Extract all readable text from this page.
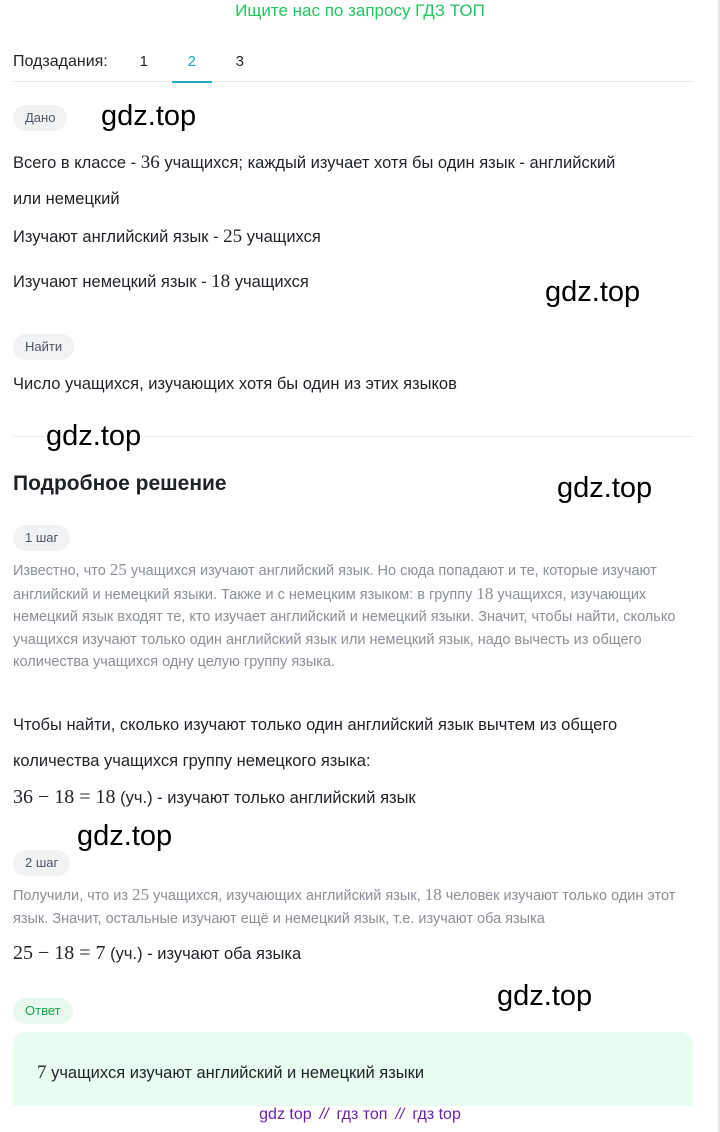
Ищите нас по запросу ГДЗ ТОП
Подзадания:	1	2	3
Дано
Всего в классе - 36 учащихся; каждый изучает хотя бы один язык - английский
или немецкий
Изучают английский язык - 25 учащихся
Изучают немецкий язык - 18 учащихся
Найти
Число учащихся, изучающих хотя бы один из этих языков
Подробное решение
1 шаг
Известно, что 25 учащихся изучают английский язык. Но сюда попадают и те, которые изучают английский и немецкий языки. Также и с немецким языком: в группу 18 учащихся, изучающих немецкий язык входят те, кто изучает английский и немецкий языки. Значит, чтобы найти, сколько учащихся изучают только один английский язык или немецкий язык, надо вычесть из общего количества учащихся одну целую группу языка.
Чтобы найти, сколько изучают только один английский язык вычтем из общего
количества учащихся группу немецкого языка:
36 − 18 = 18 (уч.) - изучают только английский язык
2 шаг
Получили, что из 25 учащихся, изучающих английский язык, 18 человек изучают только один этот язык. Значит, остальные изучают ещё и немецкий язык, т.е. изучают оба языка
25 − 18 = 7 (уч.) - изучают оба языка
Ответ
7 учащихся изучают английский и немецкий языки
gdz.top
gdz.top
gdz.top
gdz.top
gdz.top
gdz.top
gdz top // гдз топ // гдз top
